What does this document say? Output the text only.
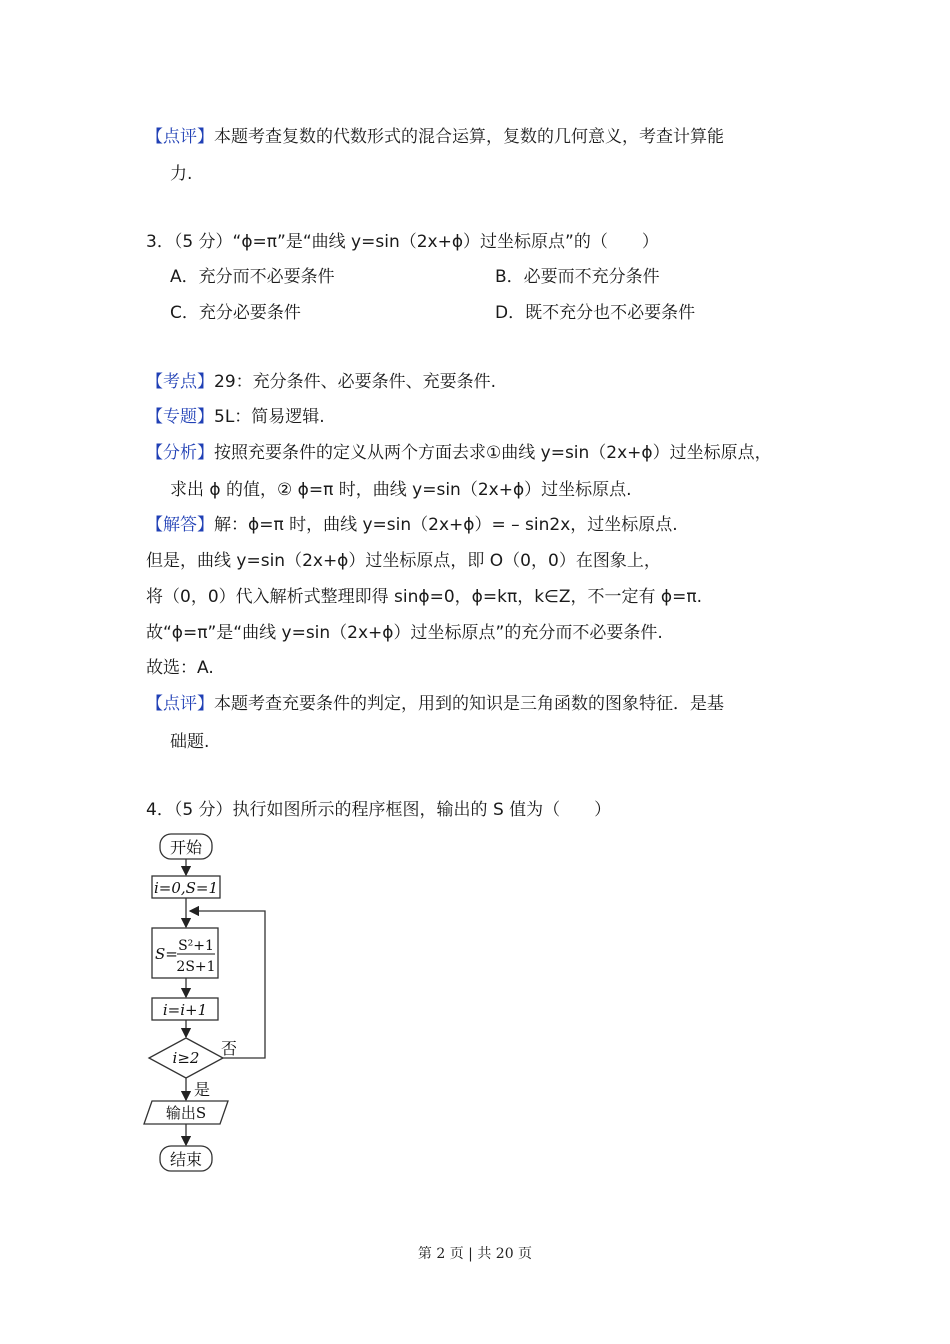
【点评】本题考查复数的代数形式的混合运算，复数的几何意义，考查计算能
力.
3．（5 分）“ϕ=π”是“曲线 y=sin（2x+ϕ）过坐标原点”的（　　）
A．充分而不必要条件	B．必要而不充分条件
C．充分必要条件	D．既不充分也不必要条件
【考点】29：充分条件、必要条件、充要条件.
【专题】5L：简易逻辑.
【分析】按照充要条件的定义从两个方面去求①曲线 y=sin（2x+ϕ）过坐标原点，
求出 ϕ 的值，② ϕ=π 时，曲线 y=sin（2x+ϕ）过坐标原点.
【解答】解：ϕ=π 时，曲线 y=sin（2x+ϕ）= – sin2x，过坐标原点.
但是，曲线 y=sin（2x+ϕ）过坐标原点，即 O（0，0）在图象上，
将（0，0）代入解析式整理即得 sinϕ=0，ϕ=kπ，k∈Z，不一定有 ϕ=π.
故“ϕ=π”是“曲线 y=sin（2x+ϕ）过坐标原点”的充分而不必要条件.
故选：A.
【点评】本题考查充要条件的判定，用到的知识是三角函数的图象特征．是基
础题.
4．（5 分）执行如图所示的程序框图，输出的 S 值为（　　）
开始
i=0,S=1
S= S²+1
2S+1
i=i+1
i≥2 否
是
输出S
结束
第 2 页 | 共 20 页
